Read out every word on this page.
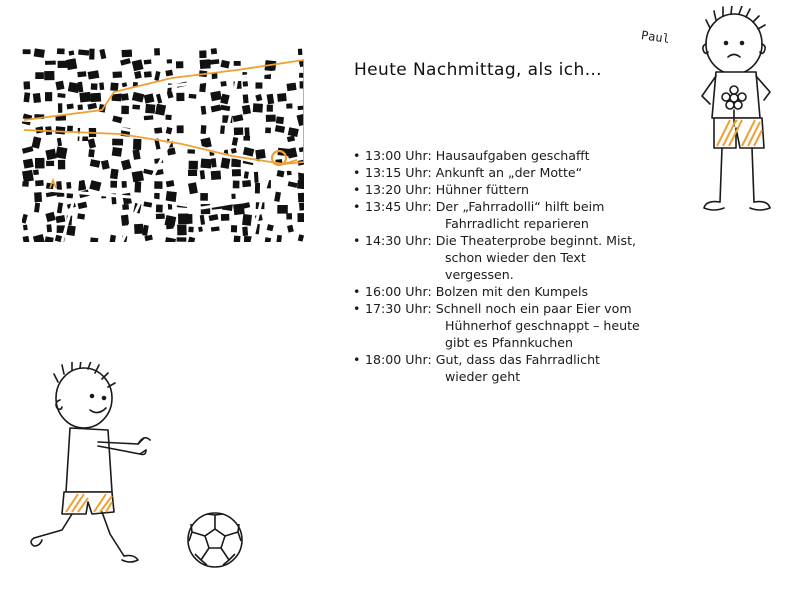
Heute Nachmittag, als ich…
• 13:00 Uhr: Hausaufgaben geschafft
• 13:15 Uhr: Ankunft an „der Motte“
• 13:20 Uhr: Hühner füttern
• 13:45 Uhr: Der „Fahrradolli“ hilft beim
Fahrradlicht reparieren
• 14:30 Uhr: Die Theaterprobe beginnt. Mist,
schon wieder den Text
vergessen.
• 16:00 Uhr: Bolzen mit den Kumpels
• 17:30 Uhr: Schnell noch ein paar Eier vom
Hühnerhof geschnappt – heute
gibt es Pfannkuchen
• 18:00 Uhr: Gut, dass das Fahrradlicht
wieder geht
Paul
